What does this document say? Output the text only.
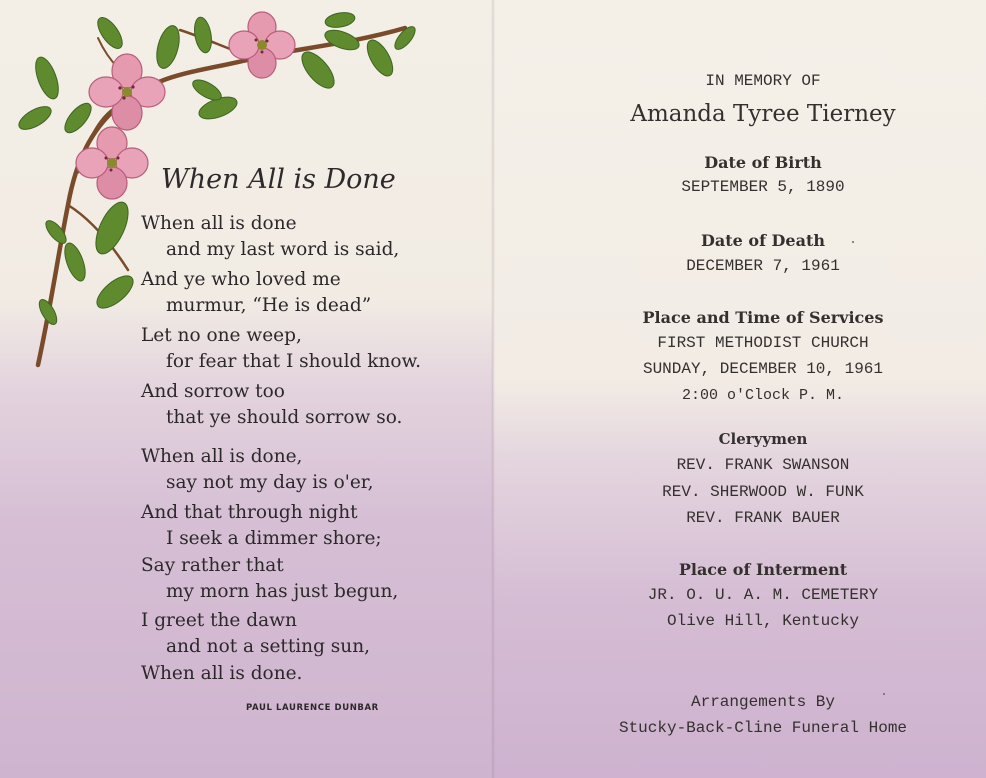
When All is Done
When all is done
and my last word is said,
And ye who loved me
murmur, “He is dead”
Let no one weep,
for fear that I should know.
And sorrow too
that ye should sorrow so.
When all is done,
say not my day is o'er,
And that through night
I seek a dimmer shore;
Say rather that
my morn has just begun,
I greet the dawn
and not a setting sun,
When all is done.
PAUL LAURENCE DUNBAR
IN MEMORY OF
Amanda Tyree Tierney
Date of Birth
SEPTEMBER 5, 1890
Date of Death
DECEMBER 7, 1961
Place and Time of Services
FIRST METHODIST CHURCH
SUNDAY, DECEMBER 10, 1961
2:00 o'Clock P. M.
Cleryymen
REV. FRANK SWANSON
REV. SHERWOOD W. FUNK
REV. FRANK BAUER
Place of Interment
JR. O. U. A. M. CEMETERY
Olive Hill, Kentucky
Arrangements By
Stucky-Back-Cline Funeral Home
